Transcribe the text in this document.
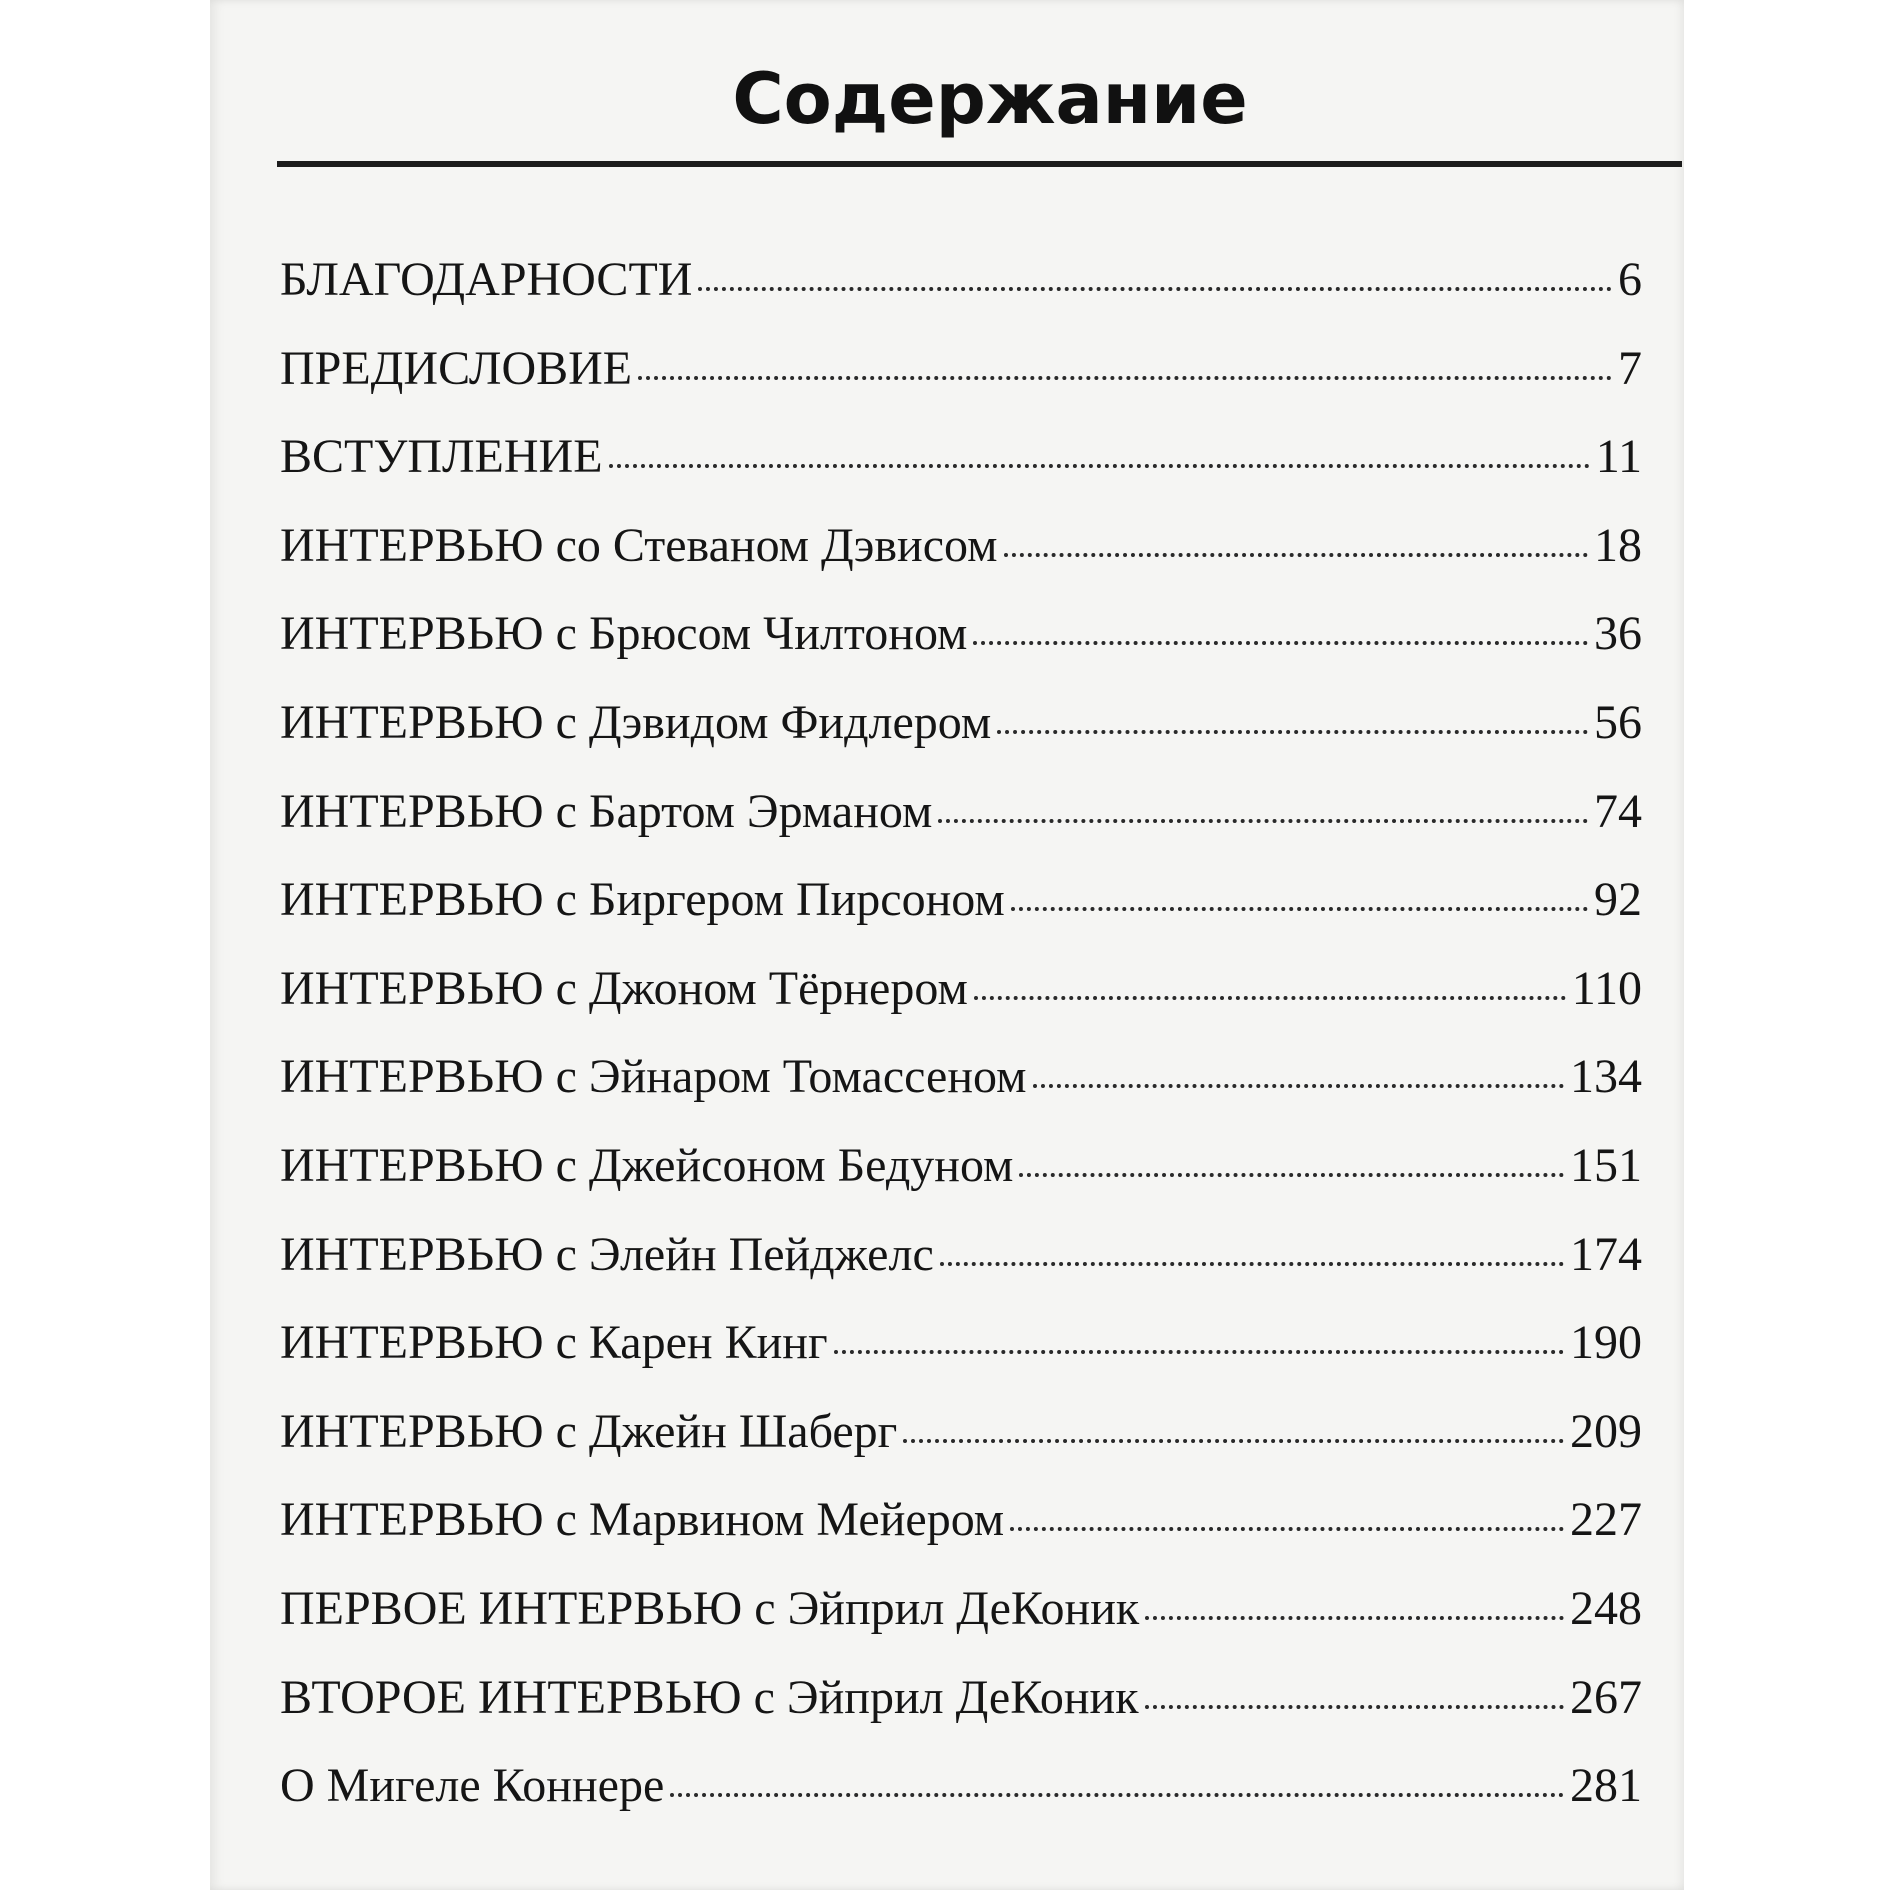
Содержание
БЛАГОДАРНОСТИ	6
ПРЕДИСЛОВИЕ	7
ВСТУПЛЕНИЕ	11
ИНТЕРВЬЮ со Стеваном Дэвисом	18
ИНТЕРВЬЮ с Брюсом Чилтоном	36
ИНТЕРВЬЮ с Дэвидом Фидлером	56
ИНТЕРВЬЮ с Бартом Эрманом	74
ИНТЕРВЬЮ с Биргером Пирсоном	92
ИНТЕРВЬЮ с Джоном Тёрнером	110
ИНТЕРВЬЮ с Эйнаром Томассеном	134
ИНТЕРВЬЮ с Джейсоном Бедуном	151
ИНТЕРВЬЮ с Элейн Пейджелс	174
ИНТЕРВЬЮ с Карен Кинг	190
ИНТЕРВЬЮ с Джейн Шаберг	209
ИНТЕРВЬЮ с Марвином Мейером	227
ПЕРВОЕ ИНТЕРВЬЮ с Эйприл ДеКоник	248
ВТОРОЕ ИНТЕРВЬЮ с Эйприл ДеКоник	267
О Мигеле Коннере	281
